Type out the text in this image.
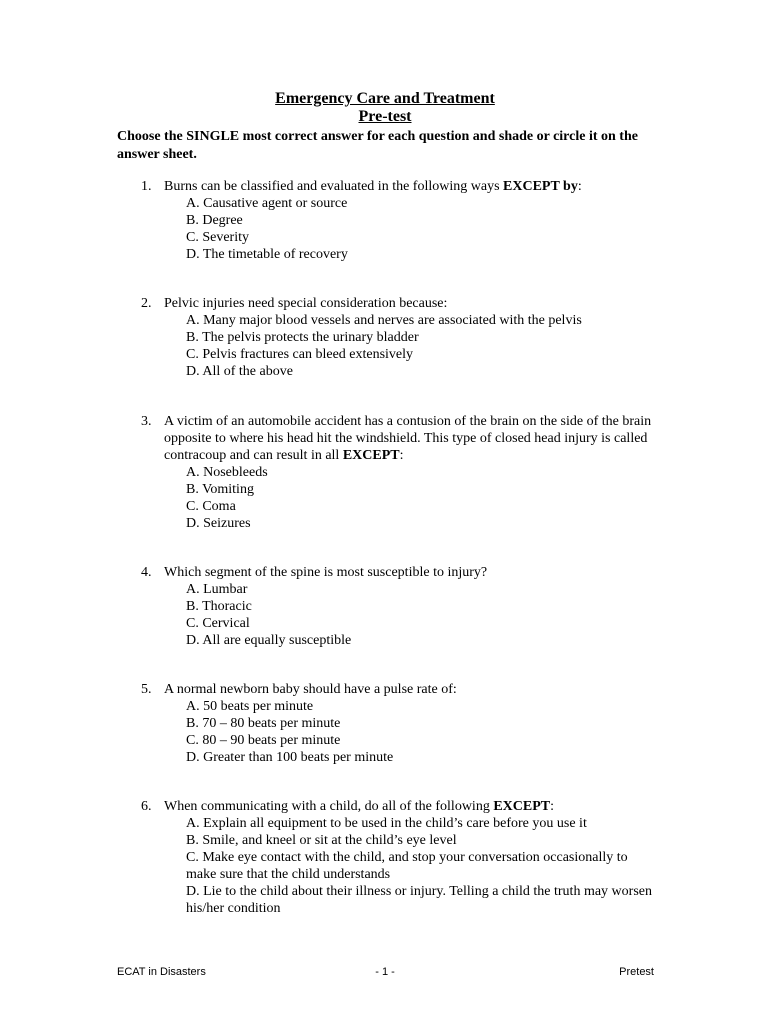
Emergency Care and Treatment
Pre-test
Choose the SINGLE most correct answer for each question and shade or circle it on the answer sheet.
1. Burns can be classified and evaluated in the following ways EXCEPT by:
A. Causative agent or source
B. Degree
C. Severity
D. The timetable of recovery
2. Pelvic injuries need special consideration because:
A. Many major blood vessels and nerves are associated with the pelvis
B. The pelvis protects the urinary bladder
C. Pelvis fractures can bleed extensively
D. All of the above
3. A victim of an automobile accident has a contusion of the brain on the side of the brain opposite to where his head hit the windshield. This type of closed head injury is called contracoup and can result in all EXCEPT:
A. Nosebleeds
B. Vomiting
C. Coma
D. Seizures
4. Which segment of the spine is most susceptible to injury?
A. Lumbar
B. Thoracic
C. Cervical
D. All are equally susceptible
5. A normal newborn baby should have a pulse rate of:
A. 50 beats per minute
B. 70 – 80 beats per minute
C. 80 – 90 beats per minute
D. Greater than 100 beats per minute
6. When communicating with a child, do all of the following EXCEPT:
A. Explain all equipment to be used in the child’s care before you use it
B. Smile, and kneel or sit at the child’s eye level
C. Make eye contact with the child, and stop your conversation occasionally to make sure that the child understands
D. Lie to the child about their illness or injury. Telling a child the truth may worsen his/her condition
ECAT in Disasters	- 1 -	Pretest
